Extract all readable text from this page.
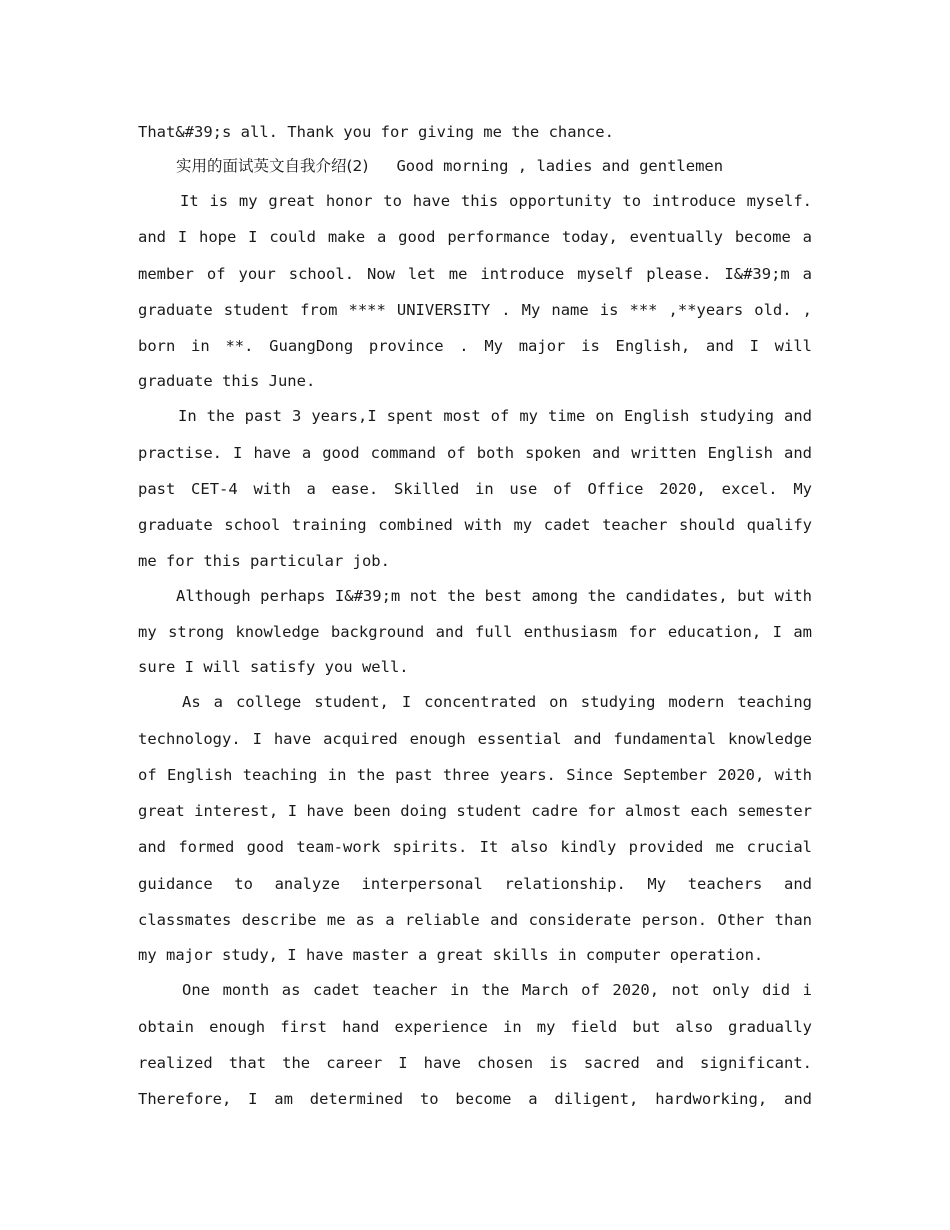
That&#39;s all. Thank you for giving me the chance.
实用的面试英文自我介绍(2) Good morning , ladies and gentlemen
It is my great honor to have this opportunity to introduce myself.
and I hope I could make a good performance today, eventually become a
member of your school. Now let me introduce myself please. I&#39;m a
graduate student from **** UNIVERSITY . My name is *** ,**years old. ,
born in **. GuangDong province . My major is English, and I will
graduate this June.
In the past 3 years,I spent most of my time on English studying and
practise. I have a good command of both spoken and written English and
past CET-4 with a ease. Skilled in use of Office 2020, excel. My
graduate school training combined with my cadet teacher should qualify
me for this particular job.
Although perhaps I&#39;m not the best among the candidates, but with
my strong knowledge background and full enthusiasm for education, I am
sure I will satisfy you well.
As a college student, I concentrated on studying modern teaching
technology. I have acquired enough essential and fundamental knowledge
of English teaching in the past three years. Since September 2020, with
great interest, I have been doing student cadre for almost each semester
and formed good team-work spirits. It also kindly provided me crucial
guidance to analyze interpersonal relationship. My teachers and
classmates describe me as a reliable and considerate person. Other than
my major study, I have master a great skills in computer operation.
One month as cadet teacher in the March of 2020, not only did i
obtain enough first hand experience in my field but also gradually
realized that the career I have chosen is sacred and significant.
Therefore, I am determined to become a diligent, hardworking, and
